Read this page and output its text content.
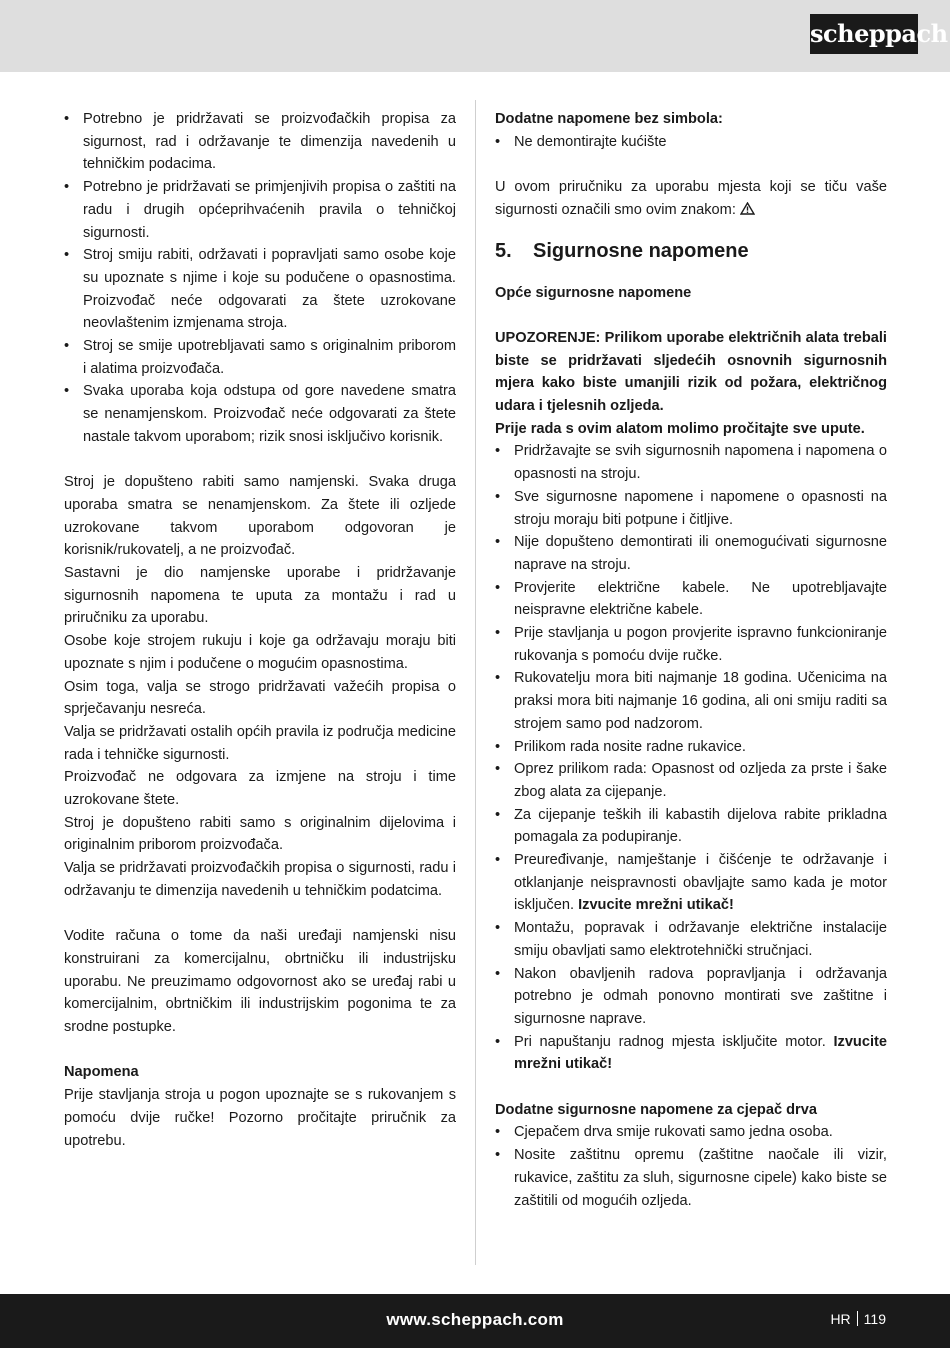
scheppach
• Potrebno je pridržavati se proizvođačkih propisa za sigurnost, rad i održavanje te dimenzija navedenih u tehničkim podacima.
• Potrebno je pridržavati se primjenjivih propisa o zaštiti na radu i drugih općeprihvaćenih pravila o tehničkoj sigurnosti.
• Stroj smiju rabiti, održavati i popravljati samo osobe koje su upoznate s njime i koje su podučene o opasnostima. Proizvođač neće odgovarati za štete uzrokovane neovlaštenim izmjenama stroja.
• Stroj se smije upotrebljavati samo s originalnim priborom i alatima proizvođača.
• Svaka uporaba koja odstupa od gore navedene smatra se nenamjenskom. Proizvođač neće odgovarati za štete nastale takvom uporabom; rizik snosi isključivo korisnik.

Stroj je dopušteno rabiti samo namjenski. Svaka druga uporaba smatra se nenamjenskom. Za štete ili ozljede uzrokovane takvom uporabom odgovoran je korisnik/rukovatelj, a ne proizvođač.

Sastavni je dio namjenske uporabe i pridržavanje sigurnosnih napomena te uputa za montažu i rad u priručniku za uporabu.

Osobe koje strojem rukuju i koje ga održavaju moraju biti upoznate s njim i podučene o mogućim opasnostima.

Osim toga, valja se strogo pridržavati važećih propisa o sprječavanju nesreća.

Valja se pridržavati ostalih općih pravila iz područja medicine rada i tehničke sigurnosti.

Proizvođač ne odgovara za izmjene na stroju i time uzrokovane štete.

Stroj je dopušteno rabiti samo s originalnim dijelovima i originalnim priborom proizvođača.

Valja se pridržavati proizvođačkih propisa o sigurnosti, radu i održavanju te dimenzija navedenih u tehničkim podatcima.

Vodite računa o tome da naši uređaji namjenski nisu konstruirani za komercijalnu, obrtničku ili industrijsku uporabu. Ne preuzimamo odgovornost ako se uređaj rabi u komercijalnim, obrtničkim ili industrijskim pogonima te za srodne postupke.

Napomena

Prije stavljanja stroja u pogon upoznajte se s rukovanjem s pomoću dvije ručke! Pozorno pročitajte priručnik za upotrebu.

Dodatne napomene bez simbola:

• Ne demontirajte kućište

U ovom priručniku za uporabu mjesta koji se tiču vaše sigurnosti označili smo ovim znakom:

5. Sigurnosne napomene

Opće sigurnosne napomene

UPOZORENJE: Prilikom uporabe električnih alata trebali biste se pridržavati sljedećih osnovnih sigurnosnih mjera kako biste umanjili rizik od požara, električnog udara i tjelesnih ozljeda.

Prije rada s ovim alatom molimo pročitajte sve upute.

• Pridržavajte se svih sigurnosnih napomena i napomena o opasnosti na stroju.
• Sve sigurnosne napomene i napomene o opasnosti na stroju moraju biti potpune i čitljive.
• Nije dopušteno demontirati ili onemogućivati sigurnosne naprave na stroju.
• Provjerite električne kabele. Ne upotrebljavajte neispravne električne kabele.
• Prije stavljanja u pogon provjerite ispravno funkcioniranje rukovanja s pomoću dvije ručke.
• Rukovatelju mora biti najmanje 18 godina. Učenicima na praksi mora biti najmanje 16 godina, ali oni smiju raditi sa strojem samo pod nadzorom.
• Prilikom rada nosite radne rukavice.
• Oprez prilikom rada: Opasnost od ozljeda za prste i šake zbog alata za cijepanje.
• Za cijepanje teških ili kabastih dijelova rabite prikladna pomagala za podupiranje.
• Preuređivanje, namještanje i čišćenje te održavanje i otklanjanje neispravnosti obavljajte samo kada je motor isključen. Izvucite mrežni utikač!
• Montažu, popravak i održavanje električne instalacije smiju obavljati samo elektrotehnički stručnjaci.
• Nakon obavljenih radova popravljanja i održavanja potrebno je odmah ponovno montirati sve zaštitne i sigurnosne naprave.
• Pri napuštanju radnog mjesta isključite motor. Izvucite mrežni utikač!

Dodatne sigurnosne napomene za cjepač drva

• Cjepačem drva smije rukovati samo jedna osoba.
• Nosite zaštitnu opremu (zaštitne naočale ili vizir, rukavice, zaštitu za sluh, sigurnosne cipele) kako biste se zaštitili od mogućih ozljeda.
www.scheppach.com	HR 119
